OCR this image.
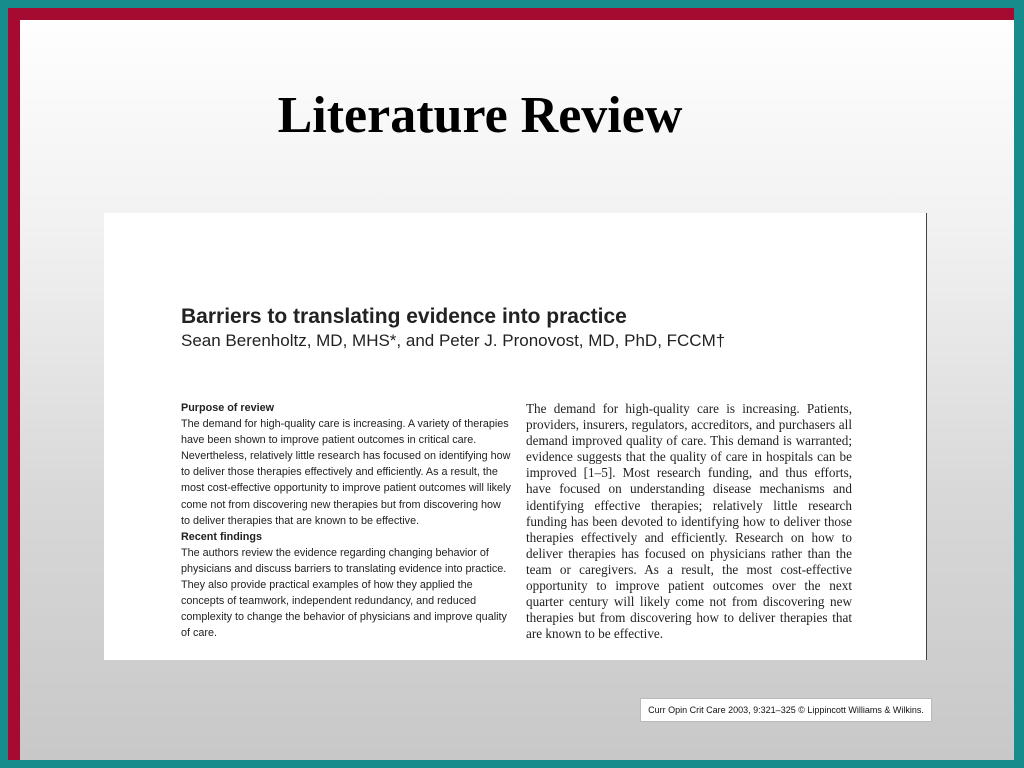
Literature Review
Barriers to translating evidence into practice
Sean Berenholtz, MD, MHS*, and Peter J. Pronovost, MD, PhD, FCCM†

Purpose of review

The demand for high-quality care is increasing. A variety of therapies have been shown to improve patient outcomes in critical care. Nevertheless, relatively little research has focused on identifying how to deliver those therapies effectively and efficiently. As a result, the most cost-effective opportunity to improve patient outcomes will likely come not from discovering new therapies but from discovering how to deliver therapies that are known to be effective.

Recent findings

The authors review the evidence regarding changing behavior of physicians and discuss barriers to translating evidence into practice. They also provide practical examples of how they applied the concepts of teamwork, independent redundancy, and reduced complexity to change the behavior of physicians and improve quality of care.

The demand for high-quality care is increasing. Patients, providers, insurers, regulators, accreditors, and purchasers all demand improved quality of care. This demand is warranted; evidence suggests that the quality of care in hospitals can be improved [1–5]. Most research funding, and thus efforts, have focused on understanding disease mechanisms and identifying effective therapies; relatively little research funding has been devoted to identifying how to deliver those therapies effectively and efficiently. Research on how to deliver therapies has focused on physicians rather than the team or caregivers. As a result, the most cost-effective opportunity to improve patient outcomes over the next quarter century will likely come not from discovering new therapies but from discovering how to deliver therapies that are known to be effective.

Curr Opin Crit Care 2003, 9:321–325 © Lippincott Williams & Wilkins.
